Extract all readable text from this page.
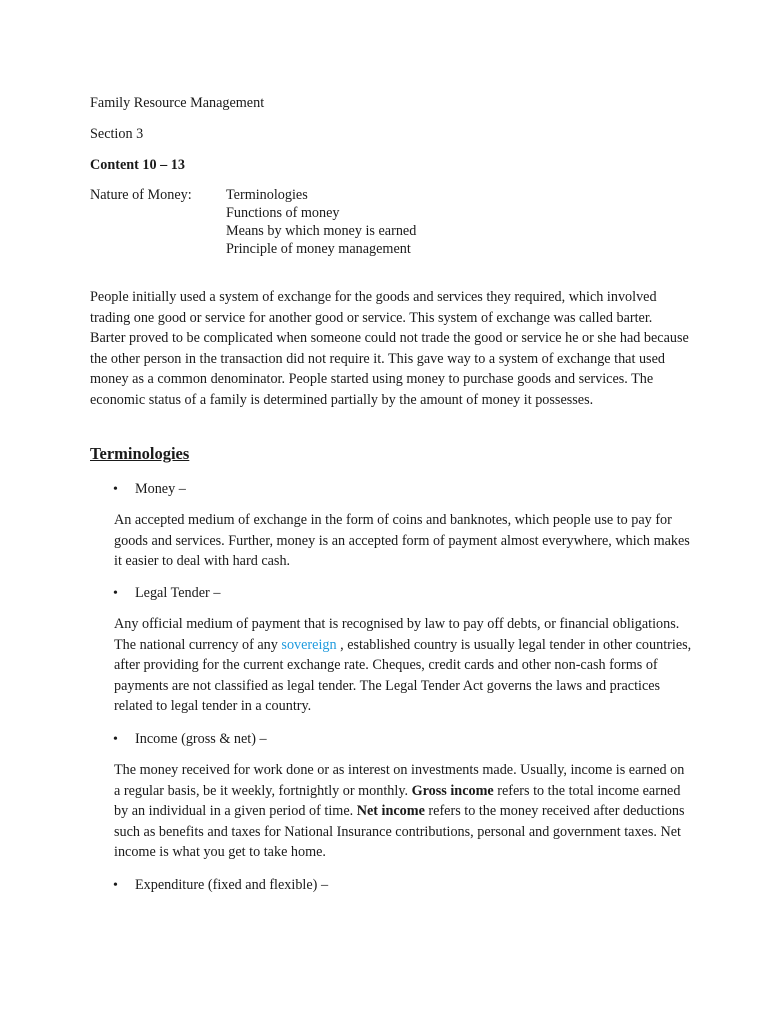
Family Resource Management
Section 3
Content 10 – 13
Nature of Money: Terminologies
Functions of money
Means by which money is earned
Principle of money management

People initially used a system of exchange for the goods and services they required, which involved trading one good or service for another good or service. This system of exchange was called barter. Barter proved to be complicated when someone could not trade the good or service he or she had because the other person in the transaction did not require it. This gave way to a system of exchange that used money as a common denominator. People started using money to purchase goods and services. The economic status of a family is determined partially by the amount of money it possesses.

Terminologies
• Money –

An accepted medium of exchange in the form of coins and banknotes, which people use to pay for goods and services. Further, money is an accepted form of payment almost everywhere, which makes it easier to deal with hard cash.

• Legal Tender –

Any official medium of payment that is recognised by law to pay off debts, or financial obligations. The national currency of any sovereign , established country is usually legal tender in other countries, after providing for the current exchange rate. Cheques, credit cards and other non-cash forms of payments are not classified as legal tender. The Legal Tender Act governs the laws and practices related to legal tender in a country.

• Income (gross & net) –

The money received for work done or as interest on investments made. Usually, income is earned on a regular basis, be it weekly, fortnightly or monthly. Gross income refers to the total income earned by an individual in a given period of time. Net income refers to the money received after deductions such as benefits and taxes for National Insurance contributions, personal and government taxes. Net income is what you get to take home.

• Expenditure (fixed and flexible) –
